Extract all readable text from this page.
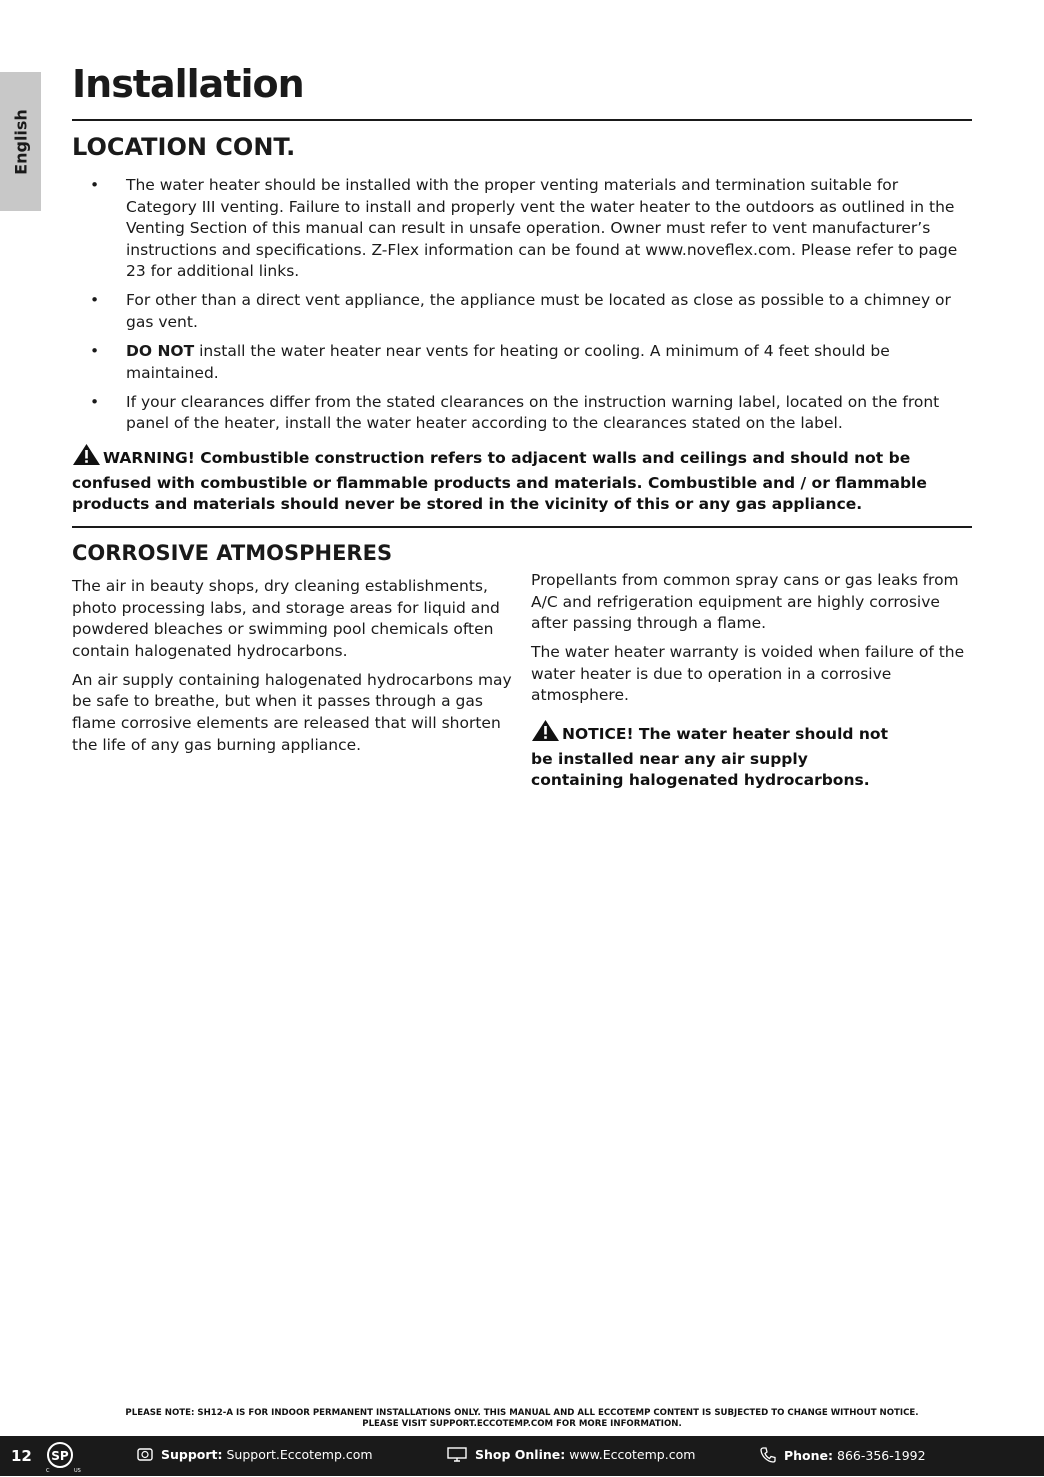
English
Installation
LOCATION CONT.
• The water heater should be installed with the proper venting materials and termination suitable for Category III venting. Failure to install and properly vent the water heater to the outdoors as outlined in the Venting Section of this manual can result in unsafe operation. Owner must refer to vent manufacturer’s instructions and specifications. Z-Flex information can be found at www.noveflex.com. Please refer to page 23 for additional links.
• For other than a direct vent appliance, the appliance must be located as close as possible to a chimney or gas vent.
• DO NOT install the water heater near vents for heating or cooling. A minimum of 4 feet should be maintained.
• If your clearances differ from the stated clearances on the instruction warning label, located on the front panel of the heater, install the water heater according to the clearances stated on the label.
WARNING! Combustible construction refers to adjacent walls and ceilings and should not be confused with combustible or flammable products and materials. Combustible and / or flammable products and materials should never be stored in the vicinity of this or any gas appliance.
CORROSIVE ATMOSPHERES

The air in beauty shops, dry cleaning establishments, photo processing labs, and storage areas for liquid and powdered bleaches or swimming pool chemicals often contain halogenated hydrocarbons.

An air supply containing halogenated hydrocarbons may be safe to breathe, but when it passes through a gas flame corrosive elements are released that will shorten the life of any gas burning appliance.

Propellants from common spray cans or gas leaks from A/C and refrigeration equipment are highly corrosive after passing through a flame.

The water heater warranty is voided when failure of the water heater is due to operation in a corrosive atmosphere.

NOTICE! The water heater should not be installed near any air supply containing halogenated hydrocarbons.
PLEASE NOTE: SH12-A IS FOR INDOOR PERMANENT INSTALLATIONS ONLY. THIS MANUAL AND ALL ECCOTEMP CONTENT IS SUBJECTED TO CHANGE WITHOUT NOTICE.
PLEASE VISIT SUPPORT.ECCOTEMP.COM FOR MORE INFORMATION.
12 SP
C	US
Support: Support.Eccotemp.com	Shop Online: www.Eccotemp.com	Phone: 866-356-1992
